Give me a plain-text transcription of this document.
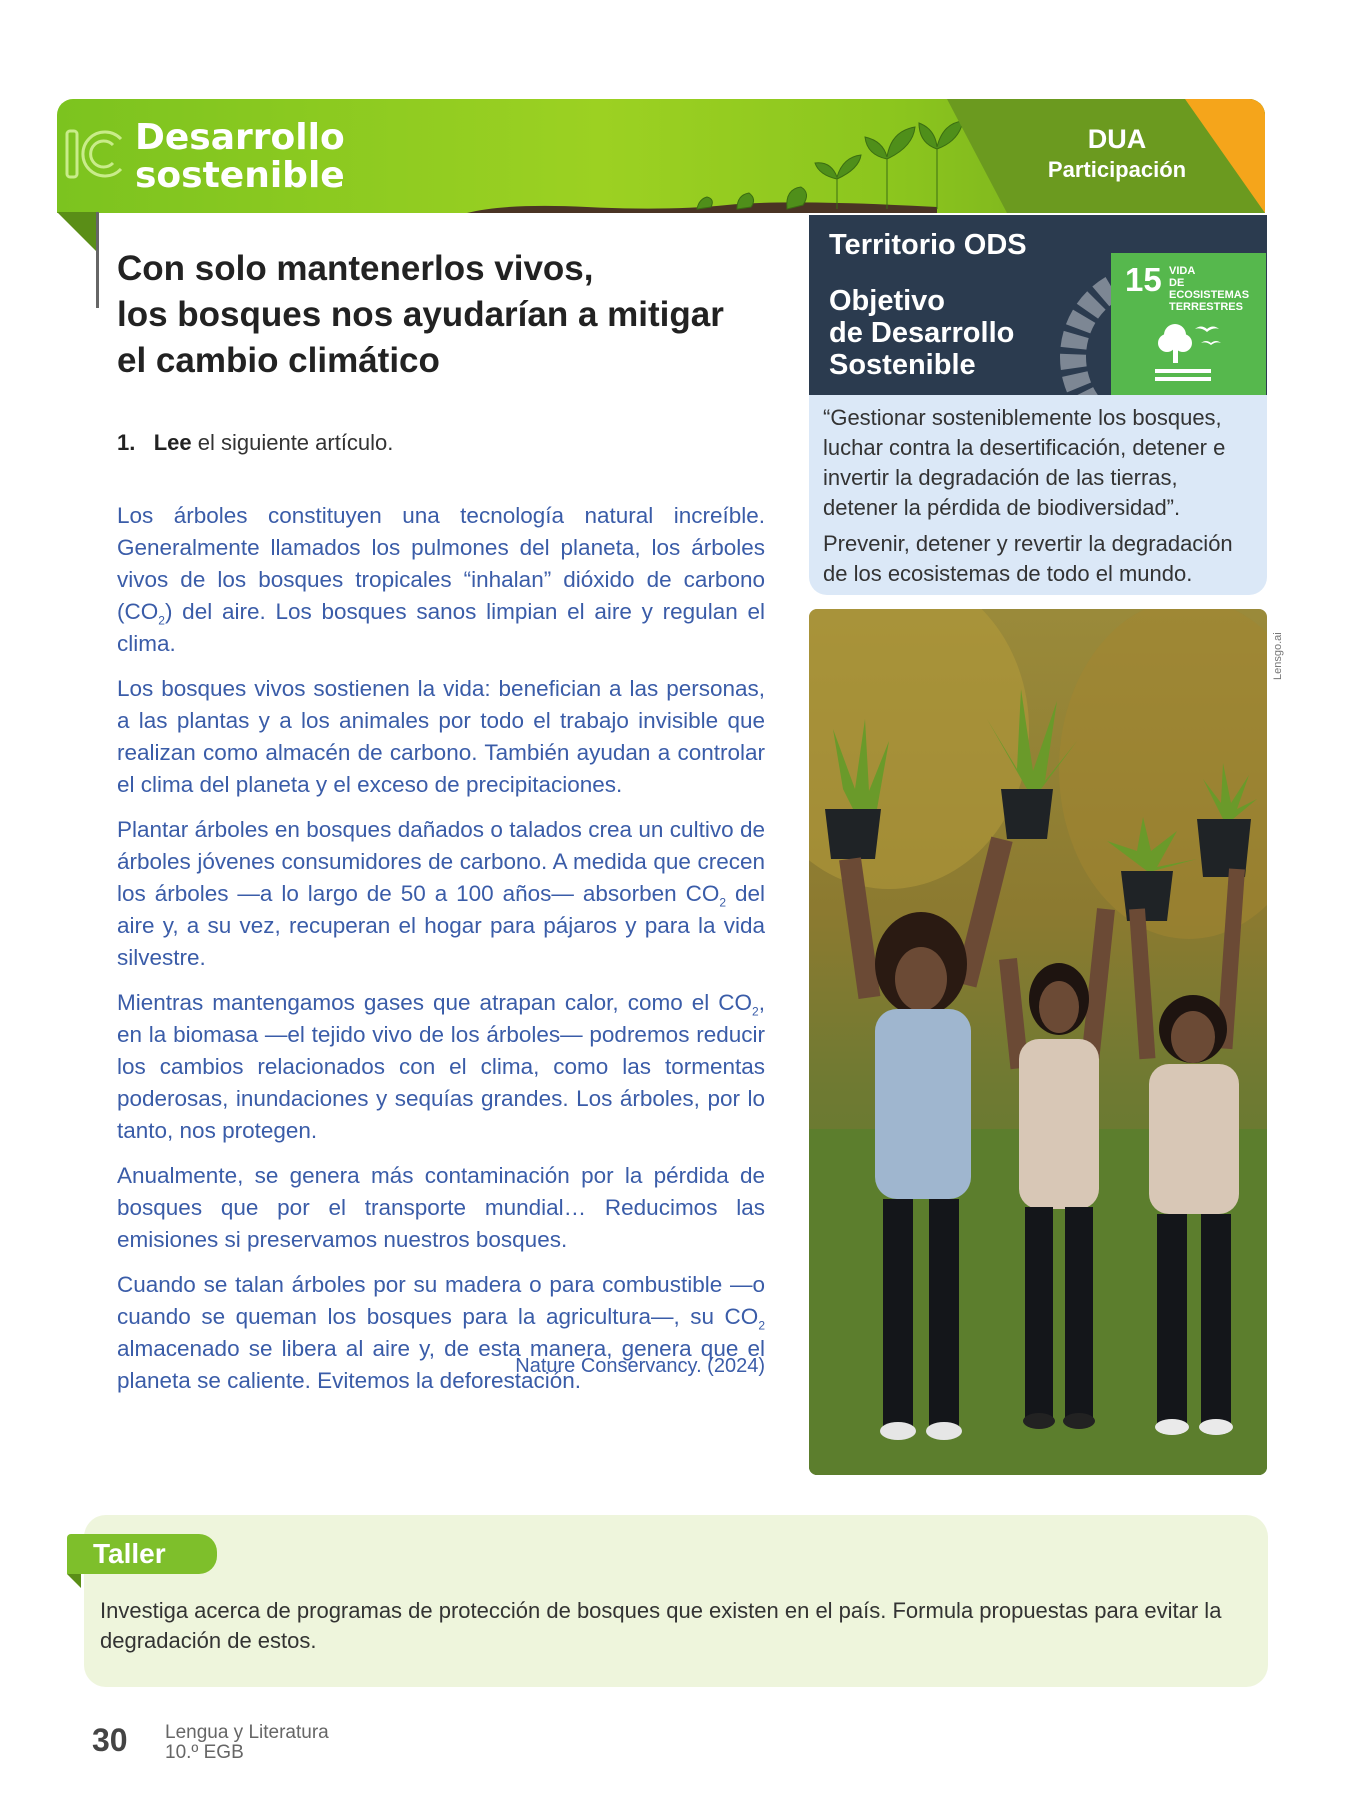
Desarrollo
sostenible
DUA
Participación
Con solo mantenerlos vivos,
los bosques nos ayudarían a mitigar
el cambio climático
1. Lee el siguiente artículo.

Los árboles constituyen una tecnología natural increíble. Generalmente llamados los pulmones del planeta, los árboles vivos de los bosques tropicales “inhalan” dióxido de carbono $(CO_2)$ del aire. Los bosques sanos limpian el aire y regulan el clima.

Los bosques vivos sostienen la vida: benefician a las personas, a las plantas y a los animales por todo el trabajo invisible que realizan como almacén de carbono. También ayudan a controlar el clima del planeta y el exceso de precipitaciones.

Plantar árboles en bosques dañados o talados crea un cultivo de árboles jóvenes consumidores de carbono. A medida que crecen los árboles —a lo largo de 50 a 100 años— absorben $CO_2$ del aire y, a su vez, recuperan el hogar para pájaros y para la vida silvestre.

Mientras mantengamos gases que atrapan calor, como el $CO_2$, en la biomasa —el tejido vivo de los árboles— podremos reducir los cambios relacionados con el clima, como las tormentas poderosas, inundaciones y sequías grandes. Los árboles, por lo tanto, nos protegen.

Anualmente, se genera más contaminación por la pérdida de bosques que por el transporte mundial… Reducimos las emisiones si preservamos nuestros bosques.

Cuando se talan árboles por su madera o para combustible —o cuando se queman los bosques para la agricultura—, su $CO_2$ almacenado se libera al aire y, de esta manera, genera que el planeta se caliente. Evitemos la deforestación.

Nature Conservancy. (2024)
Territorio ODS
Objetivo
de Desarrollo
Sostenible
15 VIDA
DE ECOSISTEMAS
TERRESTRES

“Gestionar sosteniblemente los bosques, luchar contra la desertificación, detener e invertir la degradación de las tierras, detener la pérdida de biodiversidad”.

Prevenir, detener y revertir la degradación de los ecosistemas de todo el mundo.

Lensgo.ai
Taller
Investiga acerca de programas de protección de bosques que existen en el país. Formula propuestas para evitar la degradación de estos.
30 Lengua y Literatura
10.º EGB
